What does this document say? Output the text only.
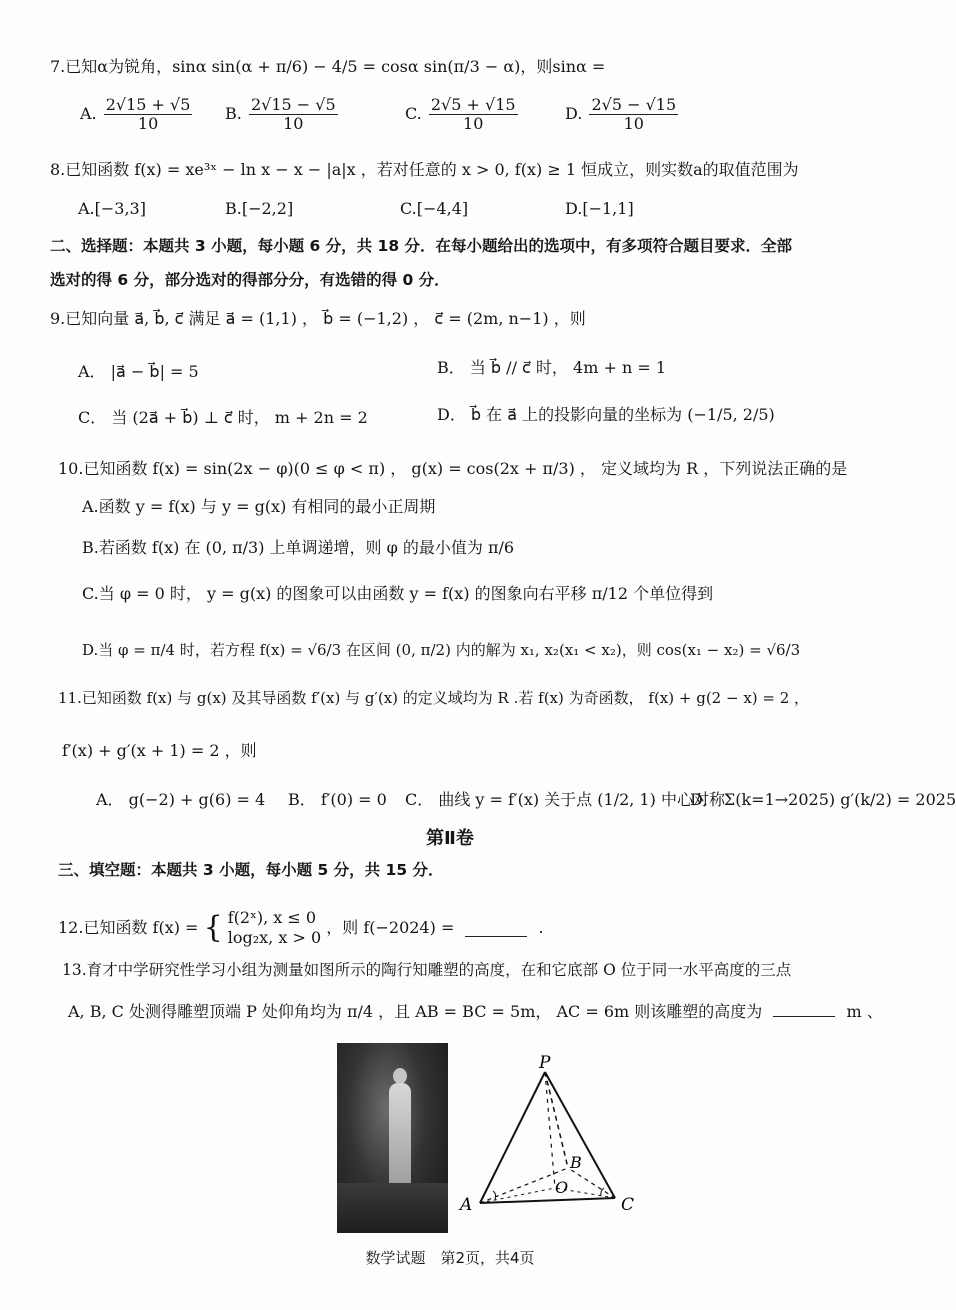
7.已知α为锐角，sinα sin(α + π/6) − 4/5 = cosα sin(π/3 − α)，则sinα =
A. $\frac{2√15 + √5}{10} B$. $\frac{2√15 - √5}{10}$	C. $\frac{2√5 + √15}{10}$	D. $\frac{2√5 - √15}{10}$
8.已知函数 f(x) = xe³ˣ − ln x − x − |a|x ，若对任意的 x > 0, f(x) ≥ 1 恒成立，则实数a的取值范围为
A.[−3,3]	B.[−2,2]	C.[−4,4]	D.[−1,1]
二、选择题：本题共 3 小题，每小题 6 分，共 18 分．在每小题给出的选项中，有多项符合题目要求．全部
选对的得 6 分，部分选对的得部分分，有选错的得 0 分．
9.已知向量 a⃗, b⃗, c⃗ 满足 a⃗ = (1,1) ， b⃗ = (−1,2) ， c⃗ = (2m, n−1) ，则
A． |a⃗ − b⃗| = 5	B． 当 b⃗ // c⃗ 时， 4m + n = 1
C． 当 (2a⃗ + b⃗) ⊥ c⃗ 时， m + 2n = 2	D． b⃗ 在 a⃗ 上的投影向量的坐标为 (−1/5, 2/5)
10.已知函数 f(x) = sin(2x − φ)(0 ≤ φ < π) ， g(x) = cos(2x + π/3) ， 定义域均为 R ，下列说法正确的是
A.函数 y = f(x) 与 y = g(x) 有相同的最小正周期
B.若函数 f(x) 在 (0, π/3) 上单调递增，则 φ 的最小值为 π/6
C.当 φ = 0 时， y = g(x) 的图象可以由函数 y = f(x) 的图象向右平移 π/12 个单位得到
D.当 φ = π/4 时，若方程 f(x) = √6/3 在区间 (0, π/2) 内的解为 x₁, x₂(x₁ < x₂)，则 cos(x₁ − x₂) = √6/3
11.已知函数 f(x) 与 g(x) 及其导函数 f′(x) 与 g′(x) 的定义域均为 R .若 f(x) 为奇函数， f(x) + g(2 − x) = 2 ，
f′(x) + g′(x + 1) = 2 ，则
A． g(−2) + g(6) = 4 B． f′(0) = 0 C． 曲线 y = f′(x) 关于点 (1/2, 1) 中心对称
D． Σ(k=1→2025) g′(k/2) = 2025
第Ⅱ卷
三、填空题：本题共 3 小题，每小题 5 分，共 15 分．
12.已知函数 f(x) = { f(2ˣ), x ≤ 0
log₂x, x > 0
，则 f(−2024) =	.
13.育才中学研究性学习小组为测量如图所示的陶行知雕塑的高度，在和它底部 O 位于同一水平高度的三点
A, B, C 处测得雕塑顶端 P 处仰角均为 π/4 ，且 AB = BC = 5m， AC = 6m 则该雕塑的高度为	m 、
P
A
B
C
O
数学试题　第2页，共4页
